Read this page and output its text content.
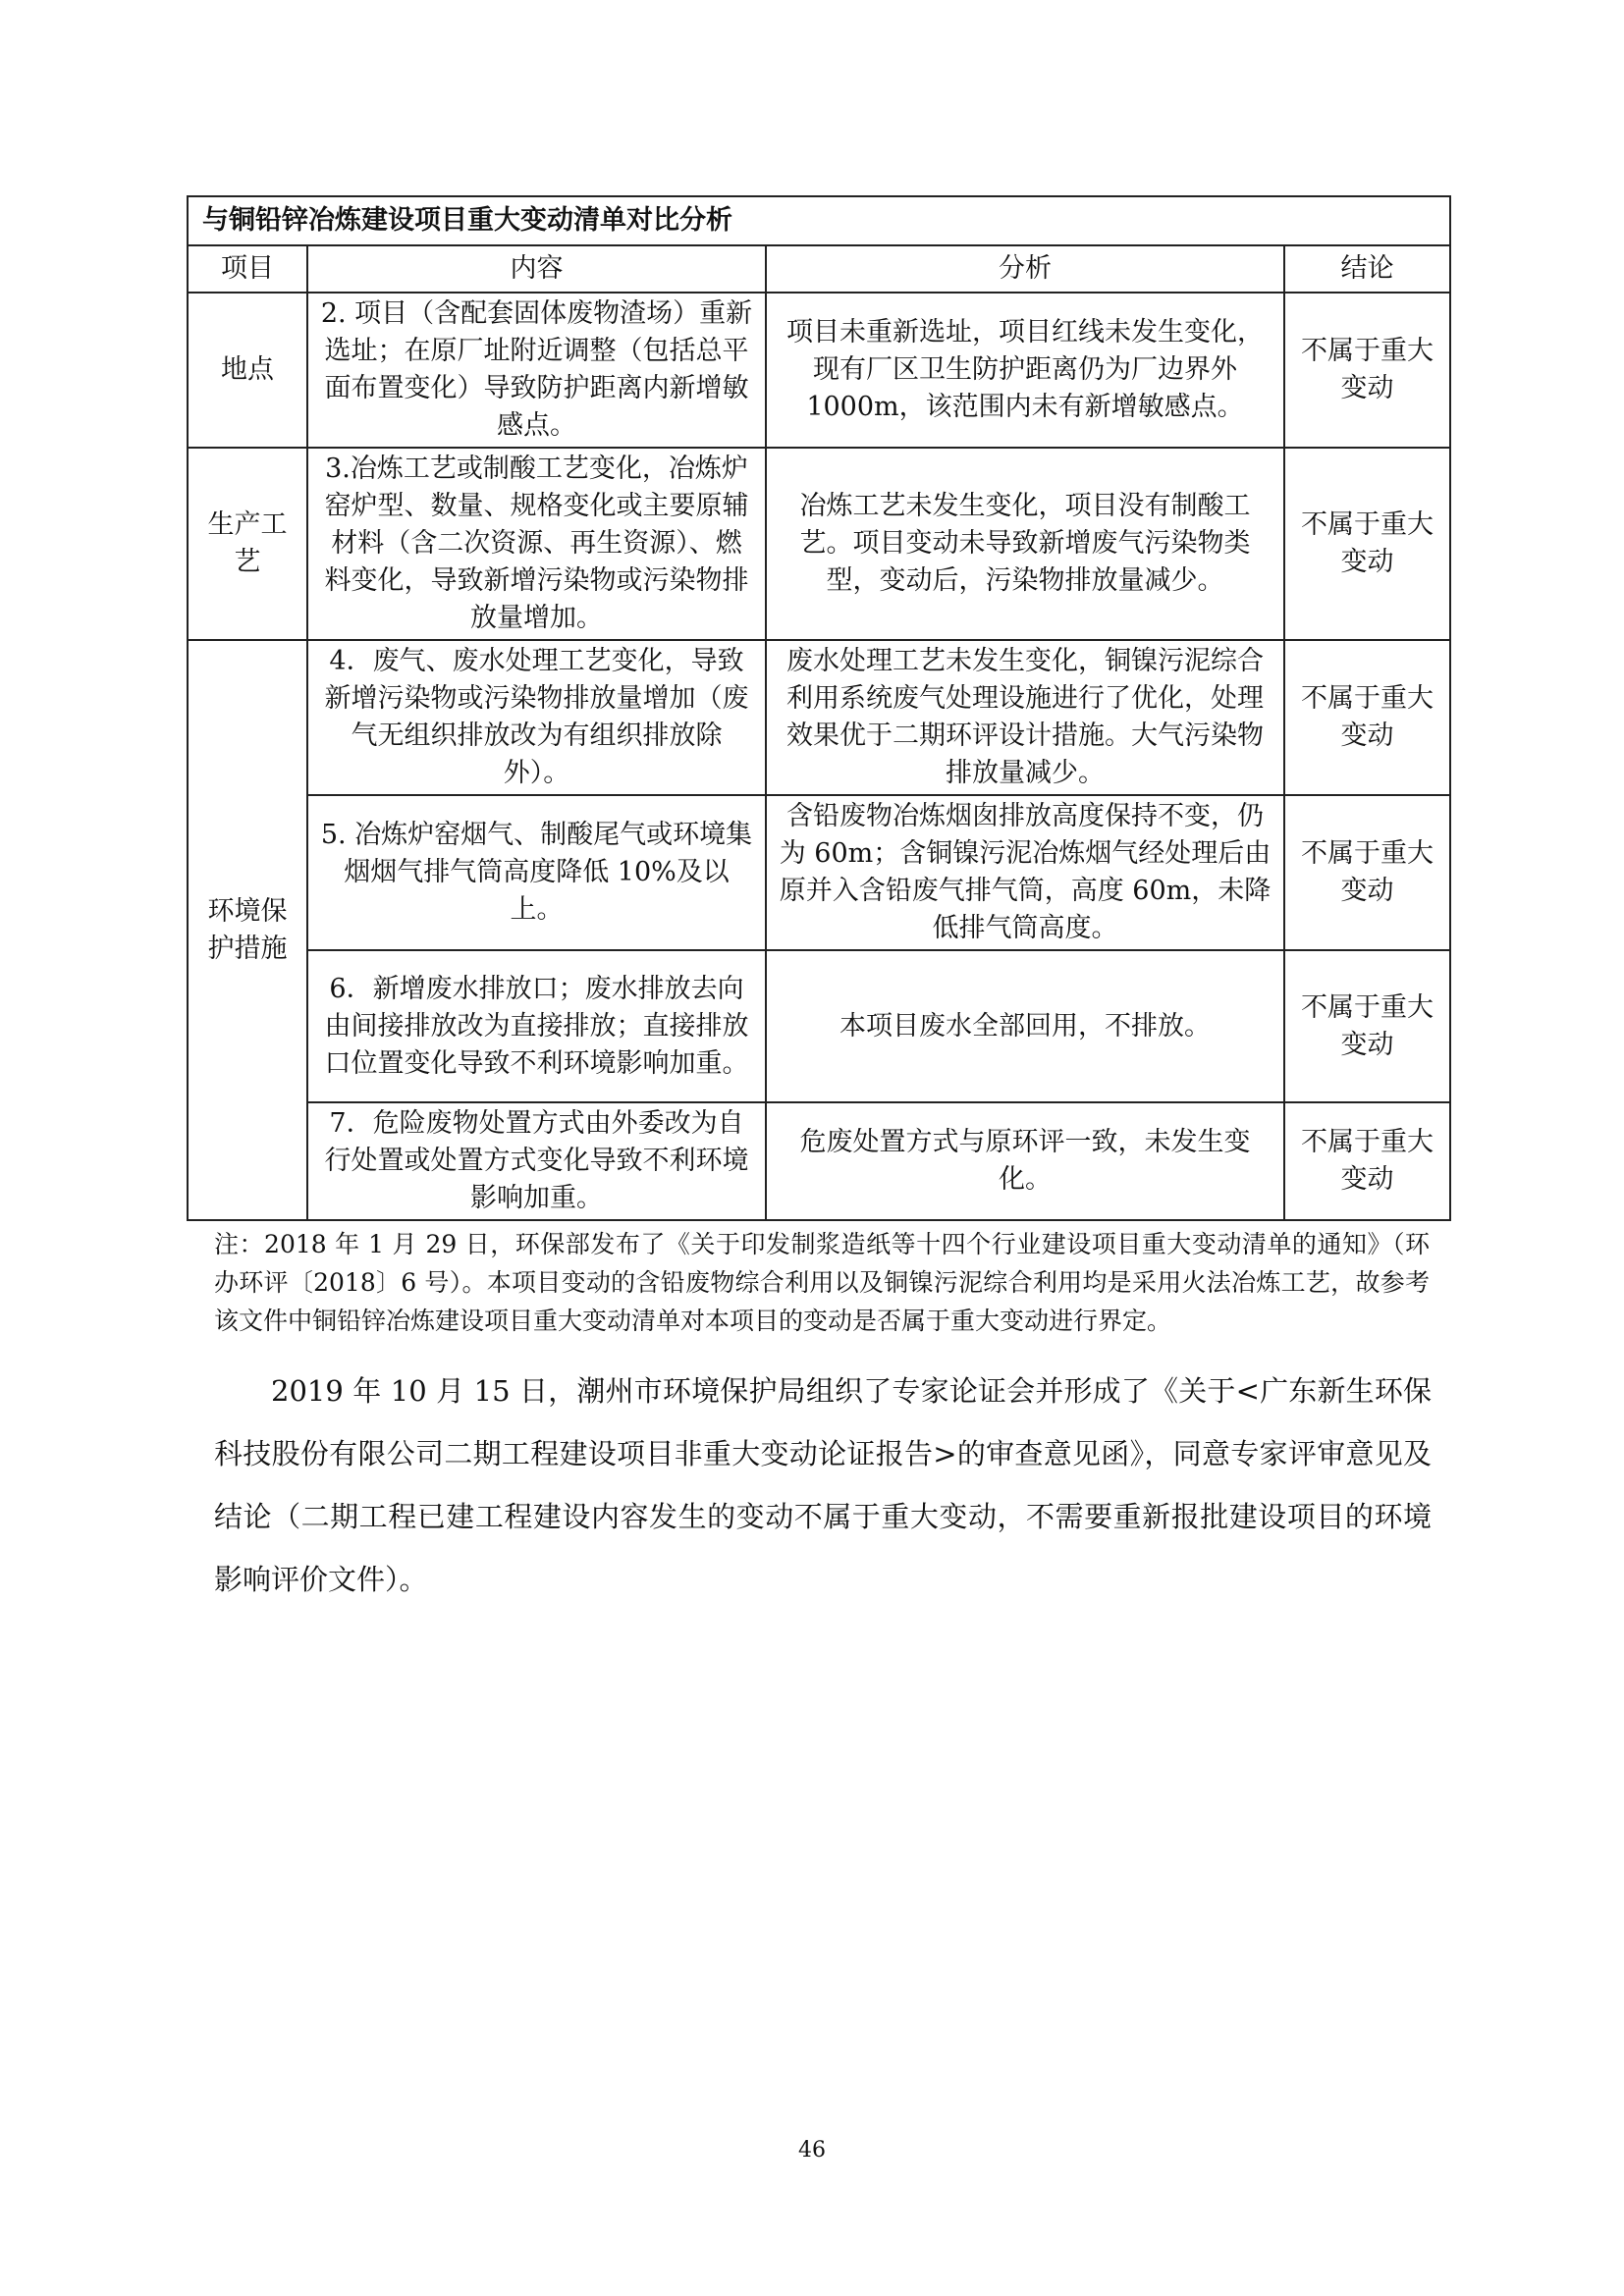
与铜铅锌冶炼建设项目重大变动清单对比分析			
项目	内容	分析	结论
地点	2. 项目（含配套固体废物渣场）重新选址；在原厂址附近调整（包括总平面布置变化）导致防护距离内新增敏感点。	项目未重新选址，项目红线未发生变化，现有厂区卫生防护距离仍为厂边界外 1000m，该范围内未有新增敏感点。	不属于重大变动
生产工艺	3.冶炼工艺或制酸工艺变化，冶炼炉窑炉型、数量、规格变化或主要原辅材料（含二次资源、再生资源）、燃料变化，导致新增污染物或污染物排放量增加。	冶炼工艺未发生变化，项目没有制酸工艺。项目变动未导致新增废气污染物类型，变动后，污染物排放量减少。	不属于重大变动
环境保护措施	4．废气、废水处理工艺变化，导致新增污染物或污染物排放量增加（废气无组织排放改为有组织排放除外）。	废水处理工艺未发生变化，铜镍污泥综合利用系统废气处理设施进行了优化，处理效果优于二期环评设计措施。大气污染物排放量减少。	不属于重大变动
	5. 冶炼炉窑烟气、制酸尾气或环境集烟烟气排气筒高度降低 10%及以上。	含铅废物冶炼烟囱排放高度保持不变，仍为 60m；含铜镍污泥冶炼烟气经处理后由原并入含铅废气排气筒，高度 60m，未降低排气筒高度。	不属于重大变动
	6．新增废水排放口；废水排放去向由间接排放改为直接排放；直接排放口位置变化导致不利环境影响加重。	本项目废水全部回用，不排放。	不属于重大变动
	7．危险废物处置方式由外委改为自行处置或处置方式变化导致不利环境影响加重。	危废处置方式与原环评一致，未发生变化。	不属于重大变动
注：2018 年 1 月 29 日，环保部发布了《关于印发制浆造纸等十四个行业建设项目重大变动清单的通知》（环办环评〔2018〕6 号）。本项目变动的含铅废物综合利用以及铜镍污泥综合利用均是采用火法冶炼工艺，故参考该文件中铜铅锌冶炼建设项目重大变动清单对本项目的变动是否属于重大变动进行界定。
2019 年 10 月 15 日，潮州市环境保护局组织了专家论证会并形成了《关于<广东新生环保科技股份有限公司二期工程建设项目非重大变动论证报告>的审查意见函》，同意专家评审意见及结论（二期工程已建工程建设内容发生的变动不属于重大变动，不需要重新报批建设项目的环境影响评价文件）。
46
